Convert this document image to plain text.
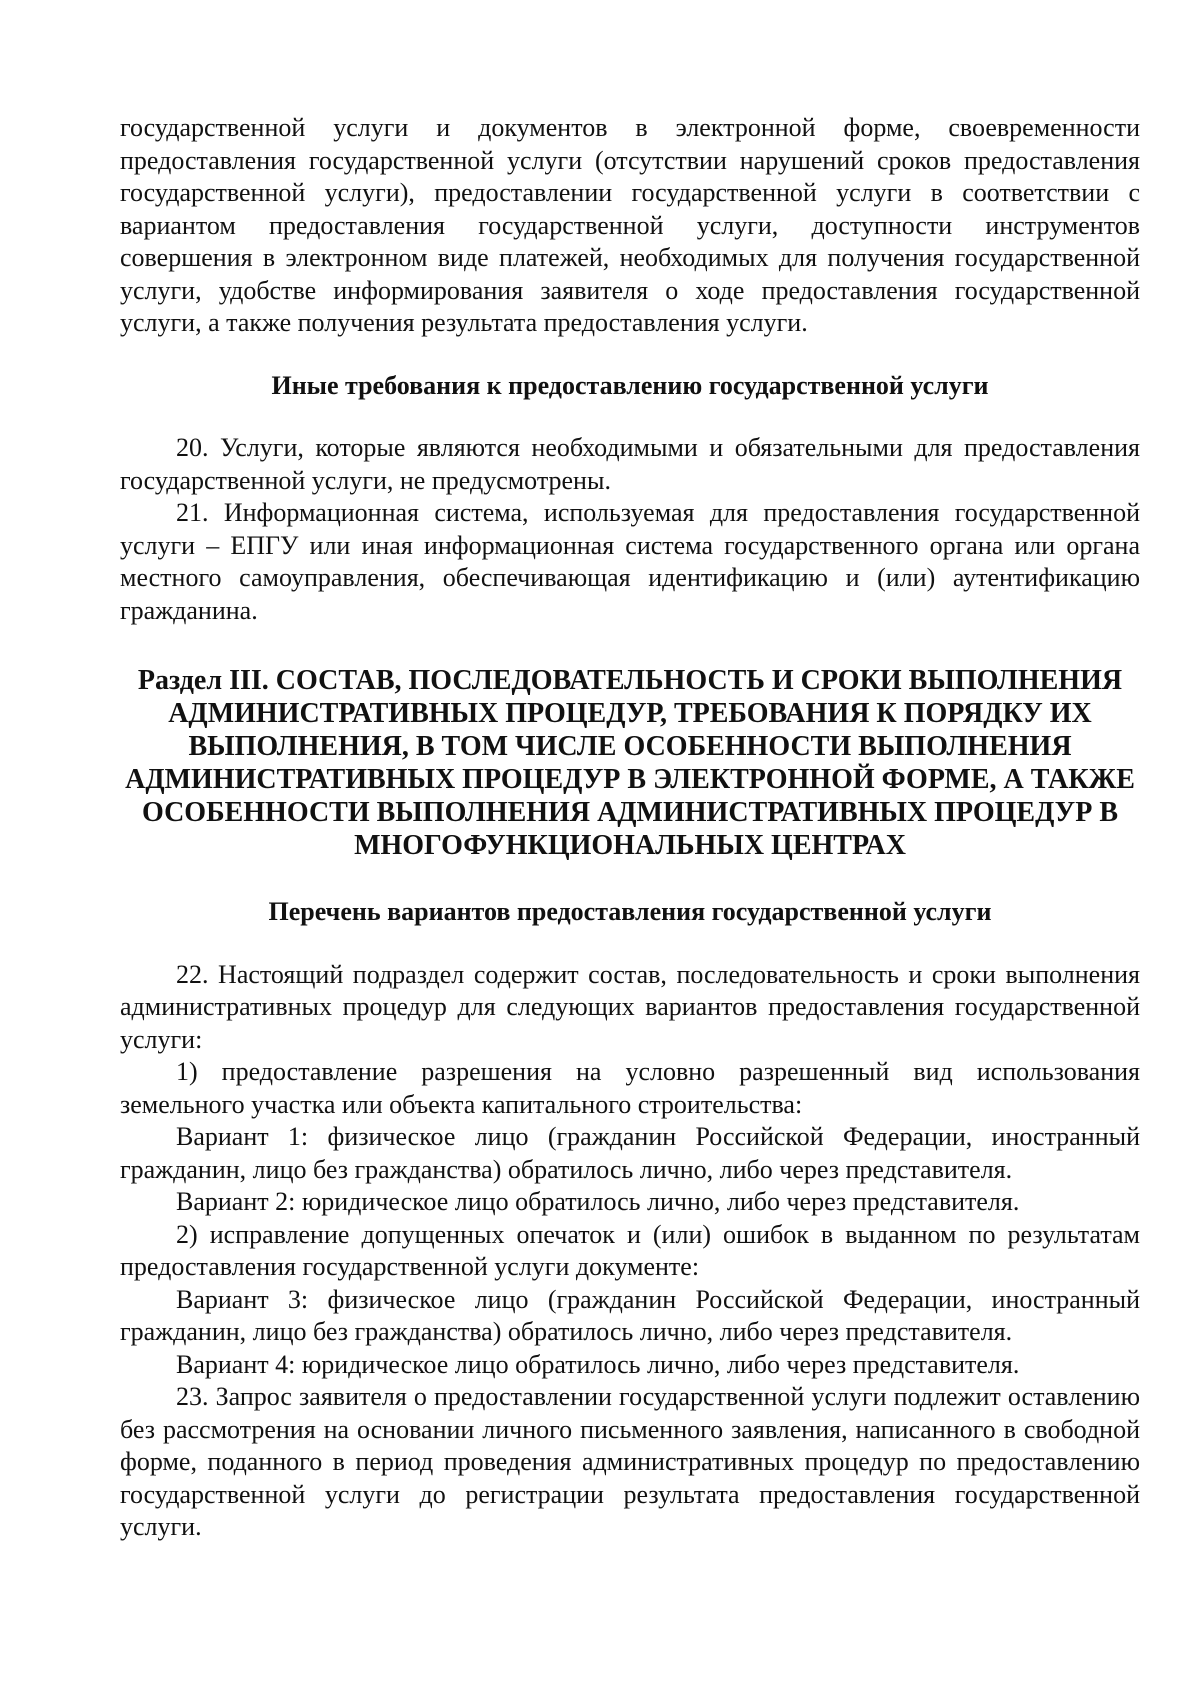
государственной услуги и документов в электронной форме, своевременности предоставления государственной услуги (отсутствии нарушений сроков предоставления государственной услуги), предоставлении государственной услуги в соответствии с вариантом предоставления государственной услуги, доступности инструментов совершения в электронном виде платежей, необходимых для получения государственной услуги, удобстве информирования заявителя о ходе предоставления государственной услуги, а также получения результата предоставления услуги.

Иные требования к предоставлению государственной услуги

20. Услуги, которые являются необходимыми и обязательными для предоставления государственной услуги, не предусмотрены.

21. Информационная система, используемая для предоставления государственной услуги – ЕПГУ или иная информационная система государственного органа или органа местного самоуправления, обеспечивающая идентификацию и (или) аутентификацию гражданина.

Раздел III. СОСТАВ, ПОСЛЕДОВАТЕЛЬНОСТЬ И СРОКИ ВЫПОЛНЕНИЯ АДМИНИСТРАТИВНЫХ ПРОЦЕДУР, ТРЕБОВАНИЯ К ПОРЯДКУ ИХ ВЫПОЛНЕНИЯ, В ТОМ ЧИСЛЕ ОСОБЕННОСТИ ВЫПОЛНЕНИЯ АДМИНИСТРАТИВНЫХ ПРОЦЕДУР В ЭЛЕКТРОННОЙ ФОРМЕ, А ТАКЖЕ ОСОБЕННОСТИ ВЫПОЛНЕНИЯ АДМИНИСТРАТИВНЫХ ПРОЦЕДУР В МНОГОФУНКЦИОНАЛЬНЫХ ЦЕНТРАХ
Перечень вариантов предоставления государственной услуги

22. Настоящий подраздел содержит состав, последовательность и сроки выполнения административных процедур для следующих вариантов предоставления государственной услуги:

1) предоставление разрешения на условно разрешенный вид использования земельного участка или объекта капитального строительства:

Вариант 1: физическое лицо (гражданин Российской Федерации, иностранный гражданин, лицо без гражданства) обратилось лично, либо через представителя.

Вариант 2: юридическое лицо обратилось лично, либо через представителя.

2) исправление допущенных опечаток и (или) ошибок в выданном по результатам предоставления государственной услуги документе:

Вариант 3: физическое лицо (гражданин Российской Федерации, иностранный гражданин, лицо без гражданства) обратилось лично, либо через представителя.

Вариант 4: юридическое лицо обратилось лично, либо через представителя.

23. Запрос заявителя о предоставлении государственной услуги подлежит оставлению без рассмотрения на основании личного письменного заявления, написанного в свободной форме, поданного в период проведения административных процедур по предоставлению государственной услуги до регистрации результата предоставления государственной услуги.
